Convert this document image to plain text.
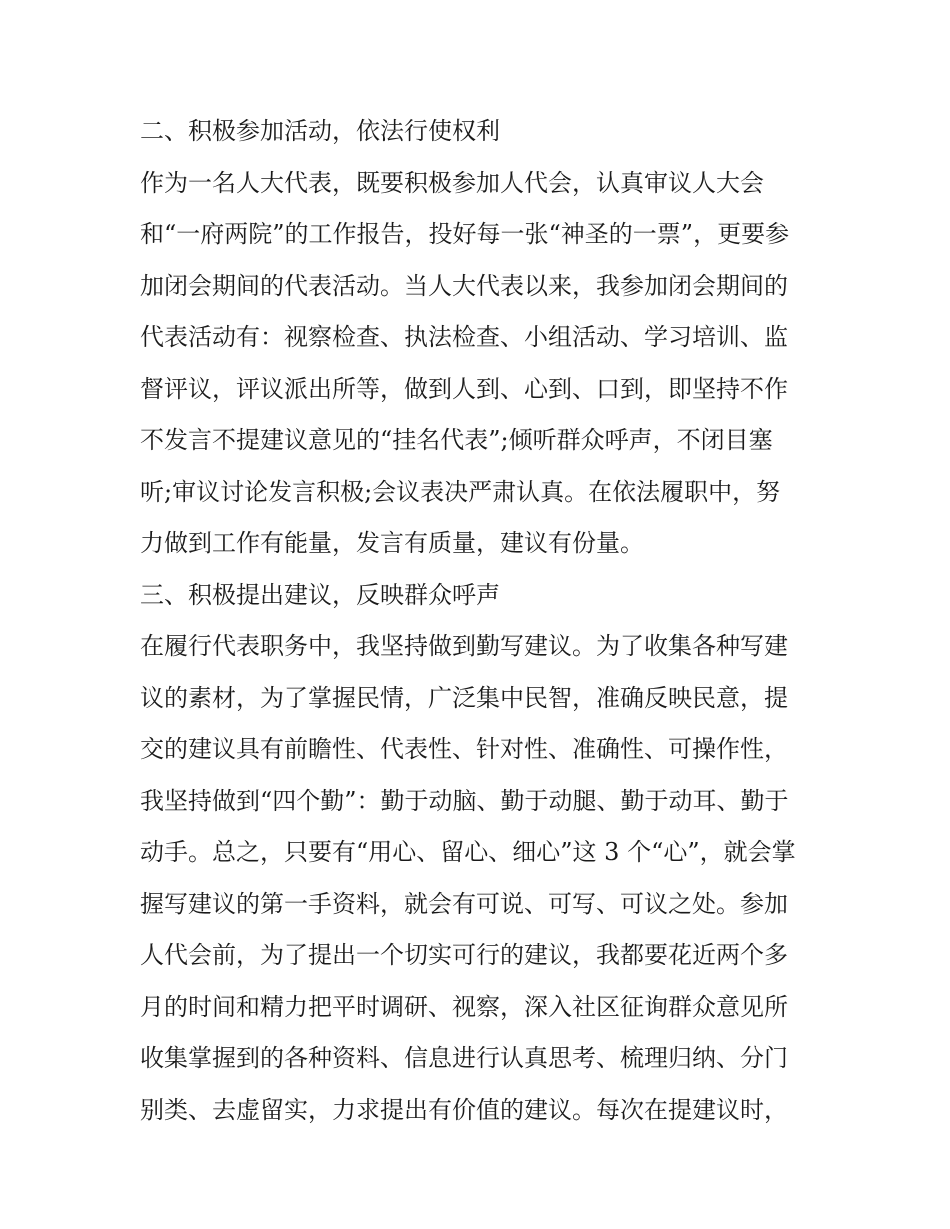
二、积极参加活动，依法行使权利
作为一名人大代表，既要积极参加人代会，认真审议人大会
和“一府两院”的工作报告，投好每一张“神圣的一票”，更要参
加闭会期间的代表活动。当人大代表以来，我参加闭会期间的
代表活动有：视察检查、执法检查、小组活动、学习培训、监
督评议，评议派出所等，做到人到、心到、口到，即坚持不作
不发言不提建议意见的“挂名代表”;倾听群众呼声，不闭目塞
听;审议讨论发言积极;会议表决严肃认真。在依法履职中，努
力做到工作有能量，发言有质量，建议有份量。
三、积极提出建议，反映群众呼声
在履行代表职务中，我坚持做到勤写建议。为了收集各种写建
议的素材，为了掌握民情，广泛集中民智，准确反映民意，提
交的建议具有前瞻性、代表性、针对性、准确性、可操作性，
我坚持做到“四个勤”：勤于动脑、勤于动腿、勤于动耳、勤于
动手。总之，只要有“用心、留心、细心”这 3 个“心”，就会掌
握写建议的第一手资料，就会有可说、可写、可议之处。参加
人代会前，为了提出一个切实可行的建议，我都要花近两个多
月的时间和精力把平时调研、视察，深入社区征询群众意见所
收集掌握到的各种资料、信息进行认真思考、梳理归纳、分门
别类、去虚留实，力求提出有价值的建议。每次在提建议时，
